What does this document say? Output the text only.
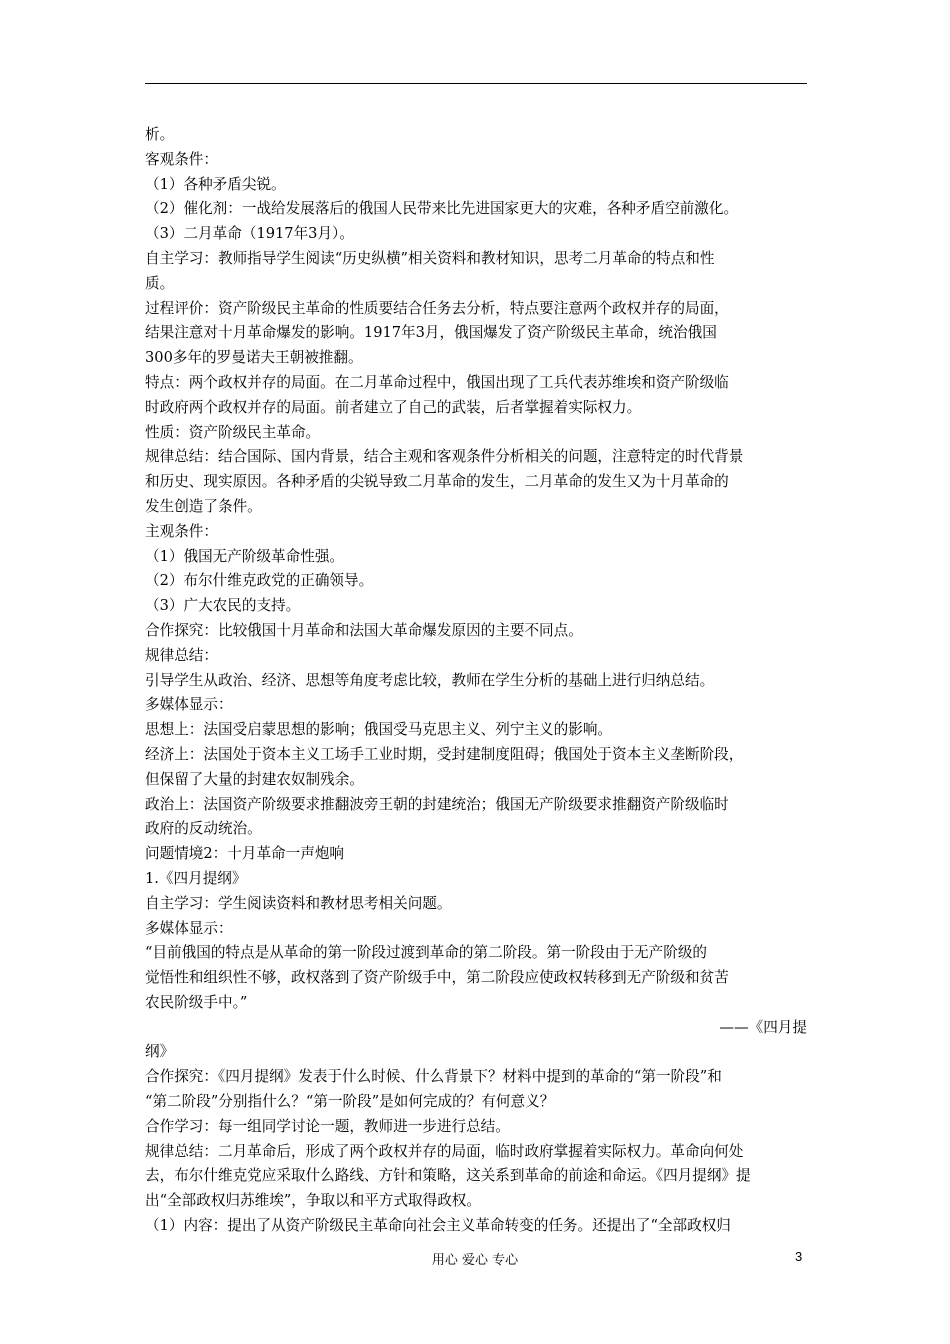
析。
客观条件：
（1）各种矛盾尖锐。
（2）催化剂：一战给发展落后的俄国人民带来比先进国家更大的灾难，各种矛盾空前激化。
（3）二月革命（1917年3月）。
自主学习：教师指导学生阅读“历史纵横”相关资料和教材知识，思考二月革命的特点和性
质。
过程评价：资产阶级民主革命的性质要结合任务去分析，特点要注意两个政权并存的局面，
结果注意对十月革命爆发的影响。1917年3月，俄国爆发了资产阶级民主革命，统治俄国
300多年的罗曼诺夫王朝被推翻。
特点：两个政权并存的局面。在二月革命过程中，俄国出现了工兵代表苏维埃和资产阶级临
时政府两个政权并存的局面。前者建立了自己的武装，后者掌握着实际权力。
性质：资产阶级民主革命。
规律总结：结合国际、国内背景，结合主观和客观条件分析相关的问题，注意特定的时代背景
和历史、现实原因。各种矛盾的尖锐导致二月革命的发生，二月革命的发生又为十月革命的
发生创造了条件。
主观条件：
（1）俄国无产阶级革命性强。
（2）布尔什维克政党的正确领导。
（3）广大农民的支持。
合作探究：比较俄国十月革命和法国大革命爆发原因的主要不同点。
规律总结：
引导学生从政治、经济、思想等角度考虑比较，教师在学生分析的基础上进行归纳总结。
多媒体显示：
思想上：法国受启蒙思想的影响；俄国受马克思主义、列宁主义的影响。
经济上：法国处于资本主义工场手工业时期，受封建制度阻碍；俄国处于资本主义垄断阶段，
但保留了大量的封建农奴制残余。
政治上：法国资产阶级要求推翻波旁王朝的封建统治；俄国无产阶级要求推翻资产阶级临时
政府的反动统治。
问题情境2：十月革命一声炮响
1.《四月提纲》
自主学习：学生阅读资料和教材思考相关问题。
多媒体显示：
“目前俄国的特点是从革命的第一阶段过渡到革命的第二阶段。第一阶段由于无产阶级的
觉悟性和组织性不够，政权落到了资产阶级手中，第二阶段应使政权转移到无产阶级和贫苦
农民阶级手中。”
——《四月提
纲》
合作探究：《四月提纲》发表于什么时候、什么背景下？材料中提到的革命的“第一阶段”和
“第二阶段”分别指什么？“第一阶段”是如何完成的？有何意义？
合作学习：每一组同学讨论一题，教师进一步进行总结。
规律总结：二月革命后，形成了两个政权并存的局面，临时政府掌握着实际权力。革命向何处
去，布尔什维克党应采取什么路线、方针和策略，这关系到革命的前途和命运。《四月提纲》提
出“全部政权归苏维埃”，争取以和平方式取得政权。
（1）内容：提出了从资产阶级民主革命向社会主义革命转变的任务。还提出了“全部政权归
用心 爱心 专心	3
